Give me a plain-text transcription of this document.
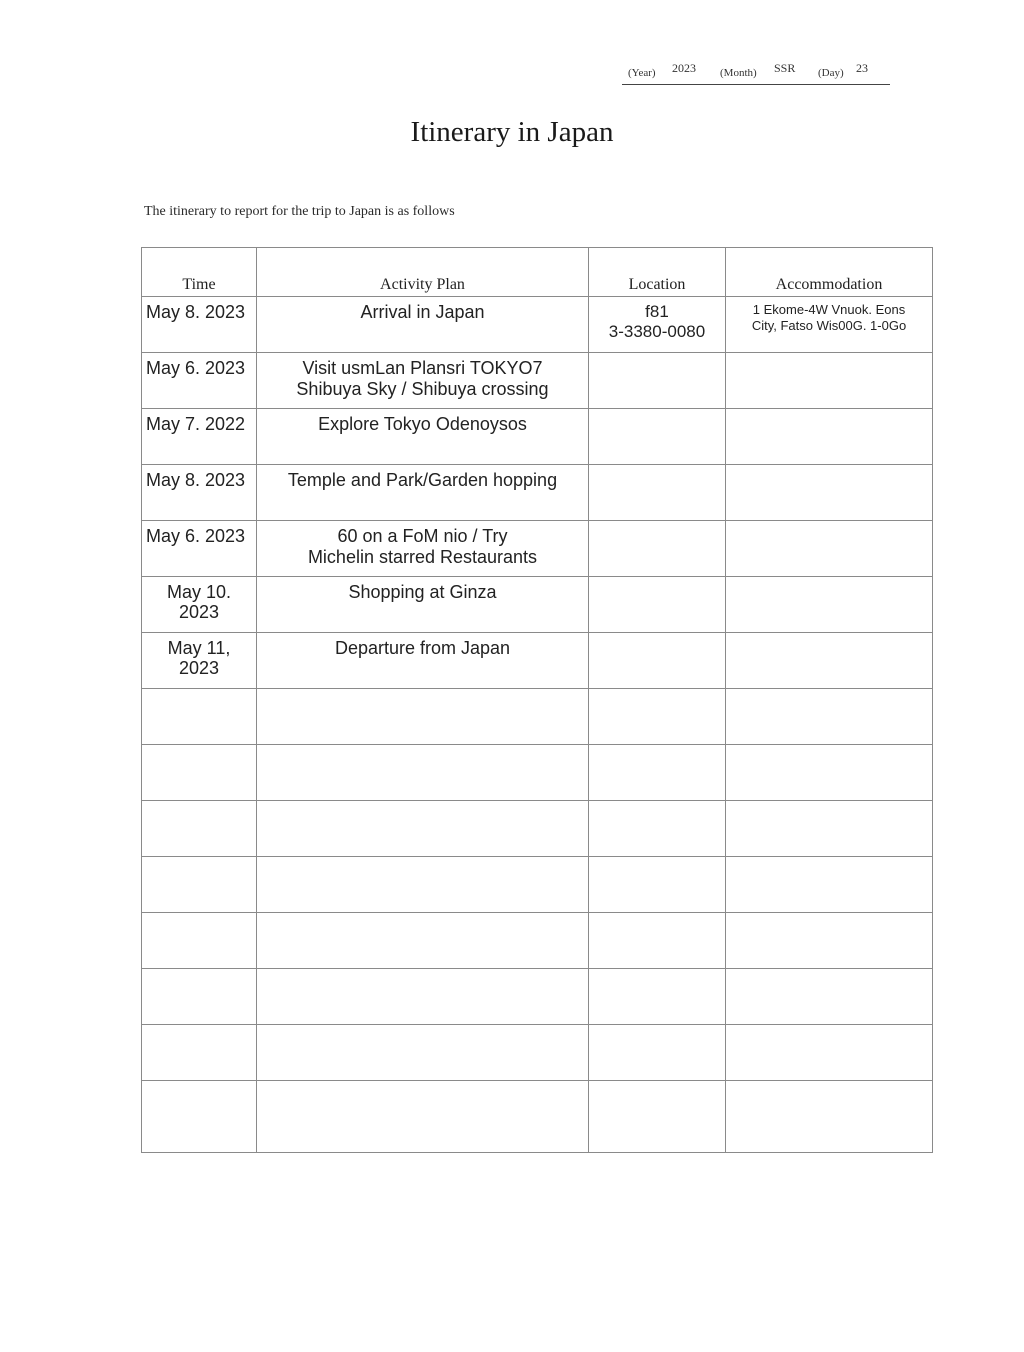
(Year) 2023 (Month) SSR (Day) 23
Itinerary in Japan
The itinerary to report for the trip to Japan is as follows
Time	Activity Plan	Location	Accommodation
May 8. 2023	Arrival in Japan	f81
3-3380-0080	1 Ekome-4W Vnuok. Eons
City, Fatso Wis00G. 1-0Go
May 6. 2023	Visit usmLan Plansri TOKYO7
Shibuya Sky / Shibuya crossing		
May 7. 2022	Explore Tokyo Odenoysos		
May 8. 2023	Temple and Park/Garden hopping		
May 6. 2023	60 on a FoM nio / Try
Michelin starred Restaurants		
May 10.
2023	Shopping at Ginza		
May 11,
2023	Departure from Japan		
